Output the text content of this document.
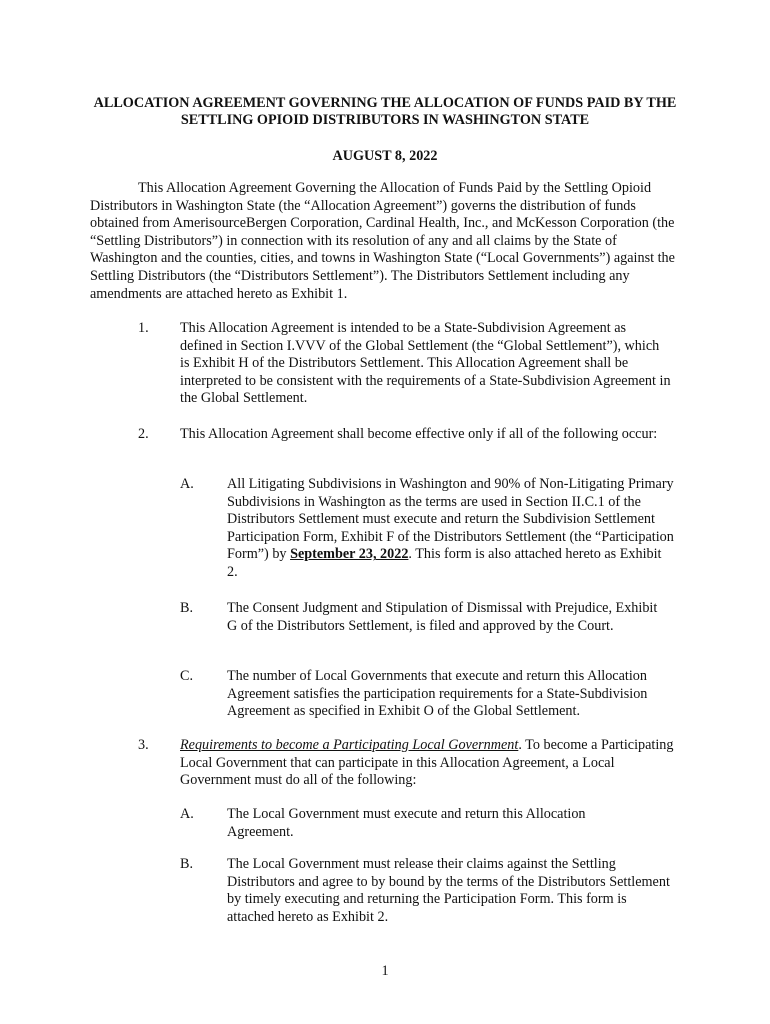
ALLOCATION AGREEMENT GOVERNING THE ALLOCATION OF FUNDS PAID BY THE SETTLING OPIOID DISTRIBUTORS IN WASHINGTON STATE
AUGUST 8, 2022

This Allocation Agreement Governing the Allocation of Funds Paid by the Settling Opioid Distributors in Washington State (the “Allocation Agreement”) governs the distribution of funds obtained from AmerisourceBergen Corporation, Cardinal Health, Inc., and McKesson Corporation (the “Settling Distributors”) in connection with its resolution of any and all claims by the State of Washington and the counties, cities, and towns in Washington State (“Local Governments”) against the Settling Distributors (the “Distributors Settlement”). The Distributors Settlement including any amendments are attached hereto as Exhibit 1.

1. This Allocation Agreement is intended to be a State-Subdivision Agreement as defined in Section I.VVV of the Global Settlement (the “Global Settlement”), which is Exhibit H of the Distributors Settlement. This Allocation Agreement shall be interpreted to be consistent with the requirements of a State-Subdivision Agreement in the Global Settlement.

2. This Allocation Agreement shall become effective only if all of the following occur:

A. All Litigating Subdivisions in Washington and 90% of Non-Litigating Primary Subdivisions in Washington as the terms are used in Section II.C.1 of the Distributors Settlement must execute and return the Subdivision Settlement Participation Form, Exhibit F of the Distributors Settlement (the “Participation Form”) by September 23, 2022. This form is also attached hereto as Exhibit 2.

B. The Consent Judgment and Stipulation of Dismissal with Prejudice, Exhibit G of the Distributors Settlement, is filed and approved by the Court.

C. The number of Local Governments that execute and return this Allocation Agreement satisfies the participation requirements for a State-Subdivision Agreement as specified in Exhibit O of the Global Settlement.

3. Requirements to become a Participating Local Government. To become a Participating Local Government that can participate in this Allocation Agreement, a Local Government must do all of the following:

A. The Local Government must execute and return this Allocation Agreement.

B. The Local Government must release their claims against the Settling Distributors and agree to by bound by the terms of the Distributors Settlement by timely executing and returning the Participation Form. This form is attached hereto as Exhibit 2.

1
